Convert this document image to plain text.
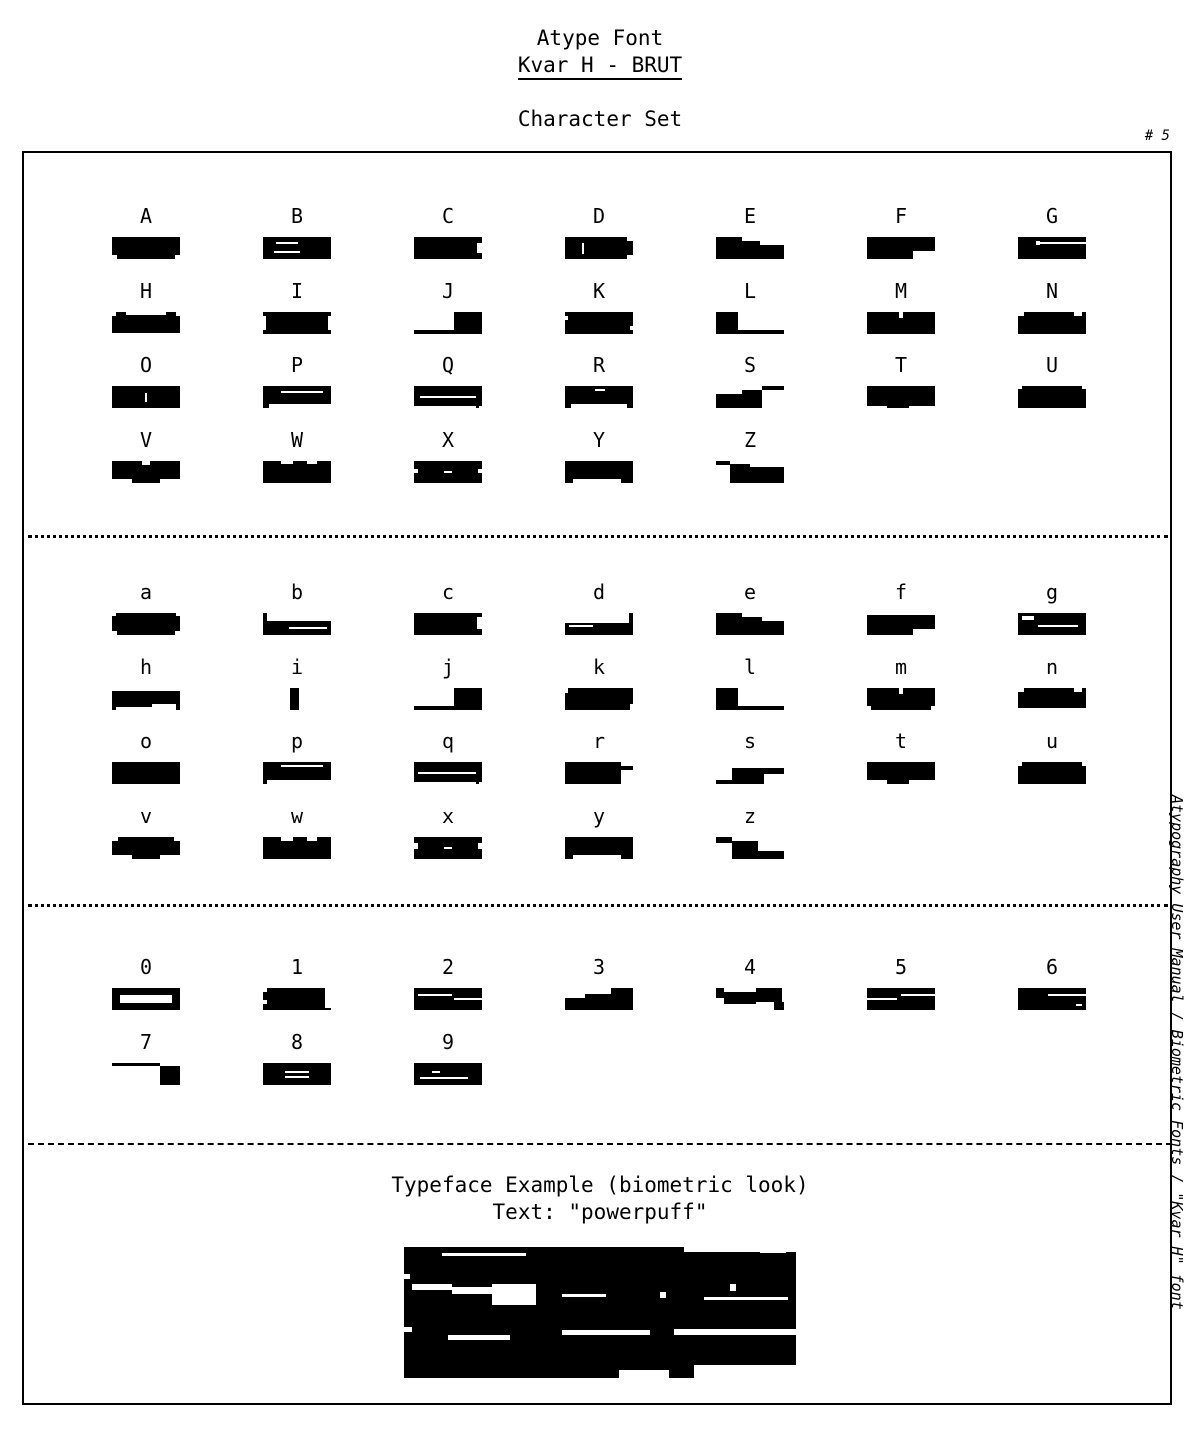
Atype Font
Kvar H - BRUT
Character Set
# 5
A	B	C	D	E	F	G
H	I	J	K	L	M	N
O	P	Q	R	S	T	U
V	W	X	Y	Z
a	b	c	d	e	f	g
h	i	j	k	l	m	n
o	p	q	r	s	t	u
v	w	x	y	z
0	1	2	3	4	5	6
7	8	9
Typeface Example (biometric look)
Text: "powerpuff"	Atypography User Manual / Biometric Fonts / "Kvar H" font
